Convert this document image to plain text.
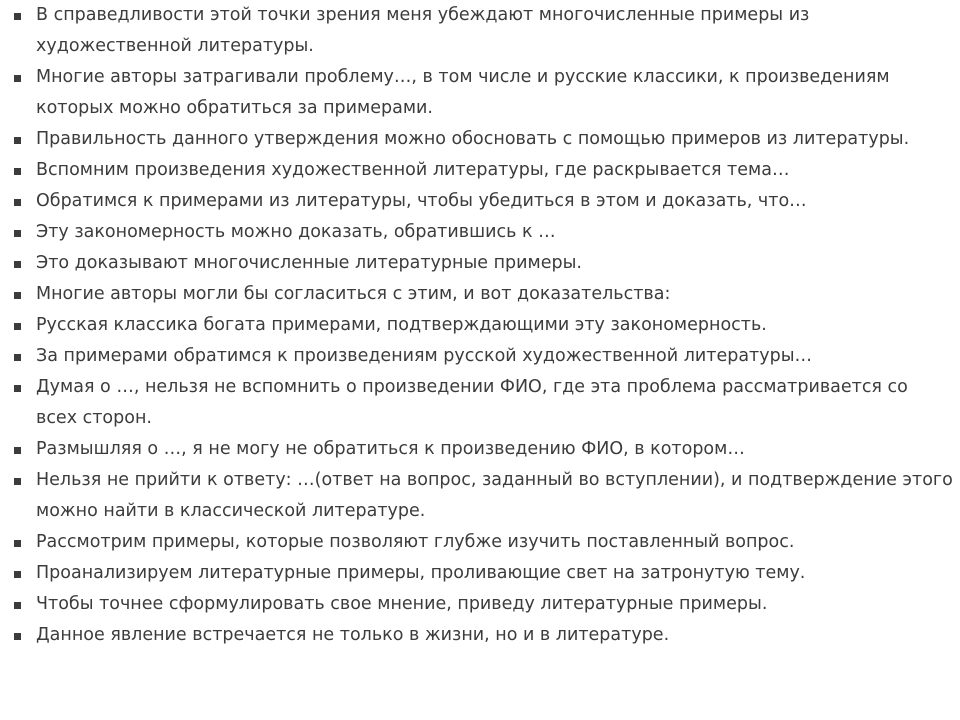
В справедливости этой точки зрения меня убеждают многочисленные примеры из художественной литературы.
Многие авторы затрагивали проблему…, в том числе и русские классики, к произведениям которых можно обратиться за примерами.
Правильность данного утверждения можно обосновать с помощью примеров из литературы.
Вспомним произведения художественной литературы, где раскрывается тема…
Обратимся к примерами из литературы, чтобы убедиться в этом и доказать, что…
Эту закономерность можно доказать, обратившись к …
Это доказывают многочисленные литературные примеры.
Многие авторы могли бы согласиться с этим, и вот доказательства:
Русская классика богата примерами, подтверждающими эту закономерность.
За примерами обратимся к произведениям русской художественной литературы…
Думая о …, нельзя не вспомнить о произведении ФИО, где эта проблема рассматривается со всех сторон.
Размышляя о …, я не могу не обратиться к произведению ФИО, в котором…
Нельзя не прийти к ответу: …(ответ на вопрос, заданный во вступлении), и подтверждение этого можно найти в классической литературе.
Рассмотрим примеры, которые позволяют глубже изучить поставленный вопрос.
Проанализируем литературные примеры, проливающие свет на затронутую тему.
Чтобы точнее сформулировать свое мнение, приведу литературные примеры.
Данное явление встречается не только в жизни, но и в литературе.
